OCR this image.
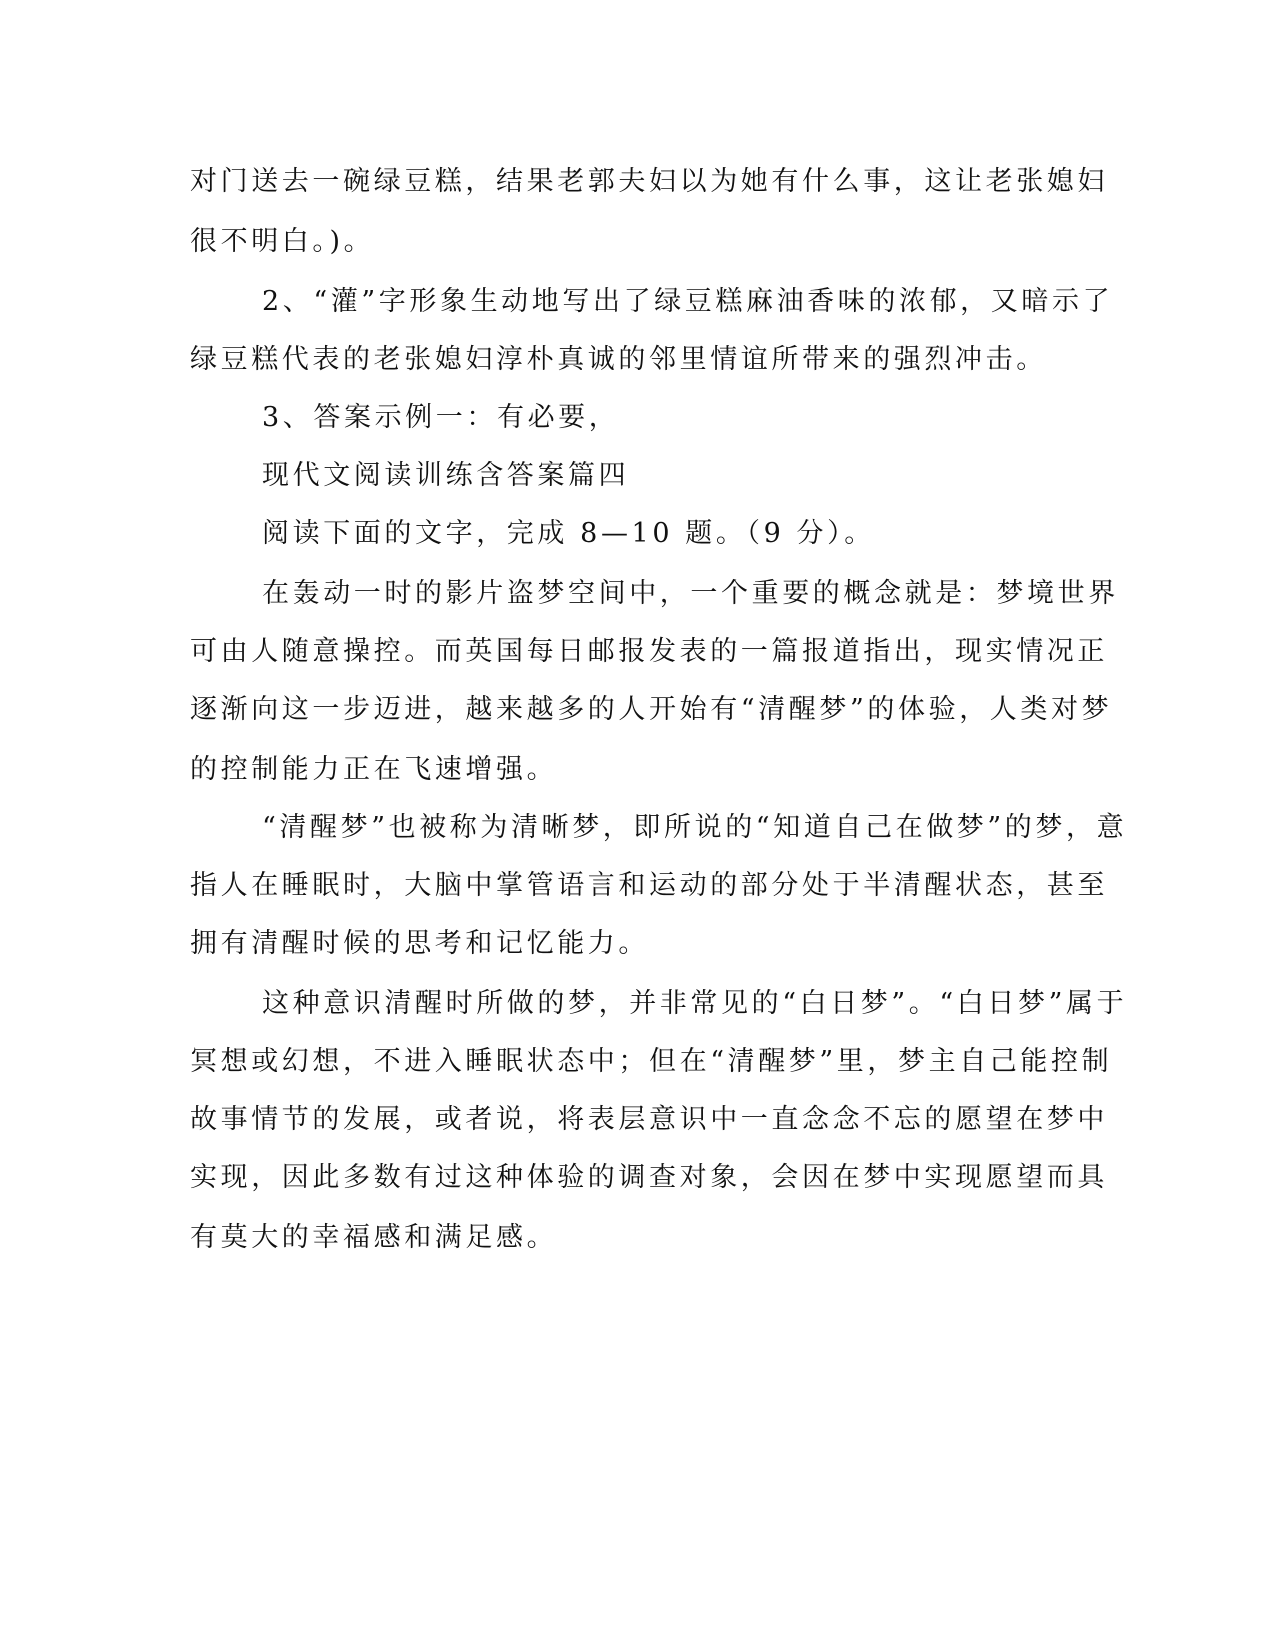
对门送去一碗绿豆糕，结果老郭夫妇以为她有什么事，这让老张媳妇

很不明白。)。

2、“灌”字形象生动地写出了绿豆糕麻油香味的浓郁，又暗示了

绿豆糕代表的老张媳妇淳朴真诚的邻里情谊所带来的强烈冲击。

3、答案示例一：有必要，

现代文阅读训练含答案篇四

阅读下面的文字，完成 8—10 题。（9 分）。

在轰动一时的影片盗梦空间中，一个重要的概念就是：梦境世界

可由人随意操控。而英国每日邮报发表的一篇报道指出，现实情况正

逐渐向这一步迈进，越来越多的人开始有“清醒梦”的体验，人类对梦

的控制能力正在飞速增强。

“清醒梦”也被称为清晰梦，即所说的“知道自己在做梦”的梦，意

指人在睡眠时，大脑中掌管语言和运动的部分处于半清醒状态，甚至

拥有清醒时候的思考和记忆能力。

这种意识清醒时所做的梦，并非常见的“白日梦”。“白日梦”属于

冥想或幻想，不进入睡眠状态中；但在“清醒梦”里，梦主自己能控制

故事情节的发展，或者说，将表层意识中一直念念不忘的愿望在梦中

实现，因此多数有过这种体验的调查对象，会因在梦中实现愿望而具

有莫大的幸福感和满足感。
